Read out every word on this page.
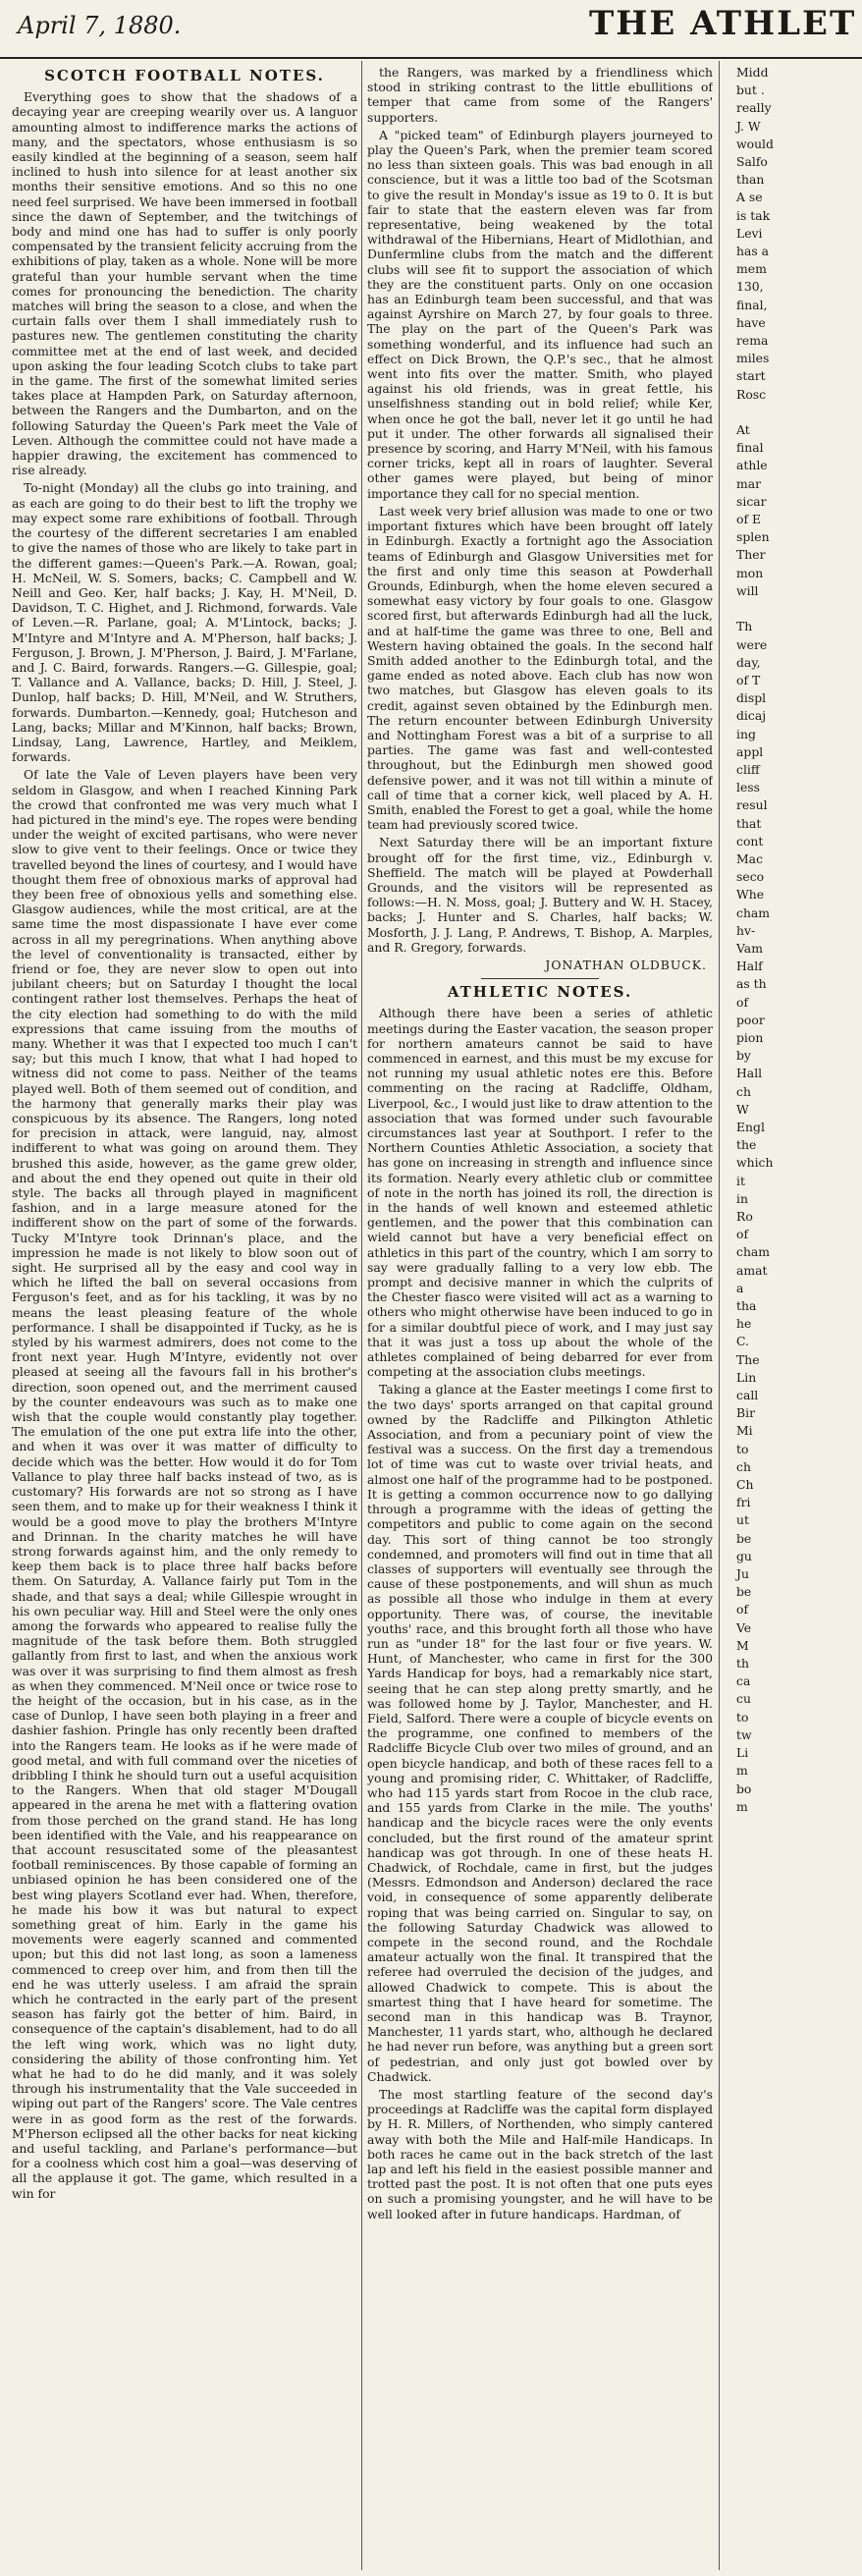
April 7, 1880.	THE ATHLET
SCOTCH FOOTBALL NOTES.

Everything goes to show that the shadows of a decaying year are creeping wearily over us. A languor amounting almost to indifference marks the actions of many, and the spectators, whose enthusiasm is so easily kindled at the beginning of a season, seem half inclined to hush into silence for at least another six months their sensitive emotions. And so this no one need feel surprised. We have been immersed in football since the dawn of September, and the twitchings of body and mind one has had to suffer is only poorly compensated by the transient felicity accruing from the exhibitions of play, taken as a whole. None will be more grateful than your humble servant when the time comes for pronouncing the benediction. The charity matches will bring the season to a close, and when the curtain falls over them I shall immediately rush to pastures new. The gentlemen constituting the charity committee met at the end of last week, and decided upon asking the four leading Scotch clubs to take part in the game. The first of the somewhat limited series takes place at Hampden Park, on Saturday afternoon, between the Rangers and the Dumbarton, and on the following Saturday the Queen's Park meet the Vale of Leven. Although the committee could not have made a happier drawing, the excitement has commenced to rise already.

To-night (Monday) all the clubs go into training, and as each are going to do their best to lift the trophy we may expect some rare exhibitions of football. Through the courtesy of the different secretaries I am enabled to give the names of those who are likely to take part in the different games:—Queen's Park.—A. Rowan, goal; H. McNeil, W. S. Somers, backs; C. Campbell and W. Neill and Geo. Ker, half backs; J. Kay, H. M'Neil, D. Davidson, T. C. Highet, and J. Richmond, forwards. Vale of Leven.—R. Parlane, goal; A. M'Lintock, backs; J. M'Intyre and M'Intyre and A. M'Pherson, half backs; J. Ferguson, J. Brown, J. M'Pherson, J. Baird, J. M'Farlane, and J. C. Baird, forwards. Rangers.—G. Gillespie, goal; T. Vallance and A. Vallance, backs; D. Hill, J. Steel, J. Dunlop, half backs; D. Hill, M'Neil, and W. Struthers, forwards. Dumbarton.—Kennedy, goal; Hutcheson and Lang, backs; Millar and M'Kinnon, half backs; Brown, Lindsay, Lang, Lawrence, Hartley, and Meiklem, forwards.

Of late the Vale of Leven players have been very seldom in Glasgow, and when I reached Kinning Park the crowd that confronted me was very much what I had pictured in the mind's eye. The ropes were bending under the weight of excited partisans, who were never slow to give vent to their feelings. Once or twice they travelled beyond the lines of courtesy, and I would have thought them free of obnoxious marks of approval had they been free of obnoxious yells and something else. Glasgow audiences, while the most critical, are at the same time the most dispassionate I have ever come across in all my peregrinations. When anything above the level of conventionality is transacted, either by friend or foe, they are never slow to open out into jubilant cheers; but on Saturday I thought the local contingent rather lost themselves. Perhaps the heat of the city election had something to do with the mild expressions that came issuing from the mouths of many. Whether it was that I expected too much I can't say; but this much I know, that what I had hoped to witness did not come to pass. Neither of the teams played well. Both of them seemed out of condition, and the harmony that generally marks their play was conspicuous by its absence. The Rangers, long noted for precision in attack, were languid, nay, almost indifferent to what was going on around them. They brushed this aside, however, as the game grew older, and about the end they opened out quite in their old style. The backs all through played in magnificent fashion, and in a large measure atoned for the indifferent show on the part of some of the forwards. Tucky M'Intyre took Drinnan's place, and the impression he made is not likely to blow soon out of sight. He surprised all by the easy and cool way in which he lifted the ball on several occasions from Ferguson's feet, and as for his tackling, it was by no means the least pleasing feature of the whole performance. I shall be disappointed if Tucky, as he is styled by his warmest admirers, does not come to the front next year. Hugh M'Intyre, evidently not over pleased at seeing all the favours fall in his brother's direction, soon opened out, and the merriment caused by the counter endeavours was such as to make one wish that the couple would constantly play together. The emulation of the one put extra life into the other, and when it was over it was matter of difficulty to decide which was the better. How would it do for Tom Vallance to play three half backs instead of two, as is customary? His forwards are not so strong as I have seen them, and to make up for their weakness I think it would be a good move to play the brothers M'Intyre and Drinnan. In the charity matches he will have strong forwards against him, and the only remedy to keep them back is to place three half backs before them. On Saturday, A. Vallance fairly put Tom in the shade, and that says a deal; while Gillespie wrought in his own peculiar way. Hill and Steel were the only ones among the forwards who appeared to realise fully the magnitude of the task before them. Both struggled gallantly from first to last, and when the anxious work was over it was surprising to find them almost as fresh as when they commenced. M'Neil once or twice rose to the height of the occasion, but in his case, as in the case of Dunlop, I have seen both playing in a freer and dashier fashion. Pringle has only recently been drafted into the Rangers team. He looks as if he were made of good metal, and with full command over the niceties of dribbling I think he should turn out a useful acquisition to the Rangers. When that old stager M'Dougall appeared in the arena he met with a flattering ovation from those perched on the grand stand. He has long been identified with the Vale, and his reappearance on that account resuscitated some of the pleasantest football reminiscences. By those capable of forming an unbiased opinion he has been considered one of the best wing players Scotland ever had. When, therefore, he made his bow it was but natural to expect something great of him. Early in the game his movements were eagerly scanned and commented upon; but this did not last long, as soon a lameness commenced to creep over him, and from then till the end he was utterly useless. I am afraid the sprain which he contracted in the early part of the present season has fairly got the better of him. Baird, in consequence of the captain's disablement, had to do all the left wing work, which was no light duty, considering the ability of those confronting him. Yet what he had to do he did manly, and it was solely through his instrumentality that the Vale succeeded in wiping out part of the Rangers' score. The Vale centres were in as good form as the rest of the forwards. M'Pherson eclipsed all the other backs for neat kicking and useful tackling, and Parlane's performance—but for a coolness which cost him a goal—was deserving of all the applause it got. The game, which resulted in a win for

the Rangers, was marked by a friendliness which stood in striking contrast to the little ebullitions of temper that came from some of the Rangers' supporters.

A "picked team" of Edinburgh players journeyed to play the Queen's Park, when the premier team scored no less than sixteen goals. This was bad enough in all conscience, but it was a little too bad of the Scotsman to give the result in Monday's issue as 19 to 0. It is but fair to state that the eastern eleven was far from representative, being weakened by the total withdrawal of the Hibernians, Heart of Midlothian, and Dunfermline clubs from the match and the different clubs will see fit to support the association of which they are the constituent parts. Only on one occasion has an Edinburgh team been successful, and that was against Ayrshire on March 27, by four goals to three. The play on the part of the Queen's Park was something wonderful, and its influence had such an effect on Dick Brown, the Q.P.'s sec., that he almost went into fits over the matter. Smith, who played against his old friends, was in great fettle, his unselfishness standing out in bold relief; while Ker, when once he got the ball, never let it go until he had put it under. The other forwards all signalised their presence by scoring, and Harry M'Neil, with his famous corner tricks, kept all in roars of laughter. Several other games were played, but being of minor importance they call for no special mention.

Last week very brief allusion was made to one or two important fixtures which have been brought off lately in Edinburgh. Exactly a fortnight ago the Association teams of Edinburgh and Glasgow Universities met for the first and only time this season at Powderhall Grounds, Edinburgh, when the home eleven secured a somewhat easy victory by four goals to one. Glasgow scored first, but afterwards Edinburgh had all the luck, and at half-time the game was three to one, Bell and Western having obtained the goals. In the second half Smith added another to the Edinburgh total, and the game ended as noted above. Each club has now won two matches, but Glasgow has eleven goals to its credit, against seven obtained by the Edinburgh men. The return encounter between Edinburgh University and Nottingham Forest was a bit of a surprise to all parties. The game was fast and well-contested throughout, but the Edinburgh men showed good defensive power, and it was not till within a minute of call of time that a corner kick, well placed by A. H. Smith, enabled the Forest to get a goal, while the home team had previously scored twice.

Next Saturday there will be an important fixture brought off for the first time, viz., Edinburgh v. Sheffield. The match will be played at Powderhall Grounds, and the visitors will be represented as follows:—H. N. Moss, goal; J. Buttery and W. H. Stacey, backs; J. Hunter and S. Charles, half backs; W. Mosforth, J. J. Lang, P. Andrews, T. Bishop, A. Marples, and R. Gregory, forwards.

JONATHAN OLDBUCK.
ATHLETIC NOTES.

Although there have been a series of athletic meetings during the Easter vacation, the season proper for northern amateurs cannot be said to have commenced in earnest, and this must be my excuse for not running my usual athletic notes ere this. Before commenting on the racing at Radcliffe, Oldham, Liverpool, &c., I would just like to draw attention to the association that was formed under such favourable circumstances last year at Southport. I refer to the Northern Counties Athletic Association, a society that has gone on increasing in strength and influence since its formation. Nearly every athletic club or committee of note in the north has joined its roll, the direction is in the hands of well known and esteemed athletic gentlemen, and the power that this combination can wield cannot but have a very beneficial effect on athletics in this part of the country, which I am sorry to say were gradually falling to a very low ebb. The prompt and decisive manner in which the culprits of the Chester fiasco were visited will act as a warning to others who might otherwise have been induced to go in for a similar doubtful piece of work, and I may just say that it was just a toss up about the whole of the athletes complained of being debarred for ever from competing at the association clubs meetings.

Taking a glance at the Easter meetings I come first to the two days' sports arranged on that capital ground owned by the Radcliffe and Pilkington Athletic Association, and from a pecuniary point of view the festival was a success. On the first day a tremendous lot of time was cut to waste over trivial heats, and almost one half of the programme had to be postponed. It is getting a common occurrence now to go dallying through a programme with the ideas of getting the competitors and public to come again on the second day. This sort of thing cannot be too strongly condemned, and promoters will find out in time that all classes of supporters will eventually see through the cause of these postponements, and will shun as much as possible all those who indulge in them at every opportunity. There was, of course, the inevitable youths' race, and this brought forth all those who have run as "under 18" for the last four or five years. W. Hunt, of Manchester, who came in first for the 300 Yards Handicap for boys, had a remarkably nice start, seeing that he can step along pretty smartly, and he was followed home by J. Taylor, Manchester, and H. Field, Salford. There were a couple of bicycle events on the programme, one confined to members of the Radcliffe Bicycle Club over two miles of ground, and an open bicycle handicap, and both of these races fell to a young and promising rider, C. Whittaker, of Radcliffe, who had 115 yards start from Rocoe in the club race, and 155 yards from Clarke in the mile. The youths' handicap and the bicycle races were the only events concluded, but the first round of the amateur sprint handicap was got through. In one of these heats H. Chadwick, of Rochdale, came in first, but the judges (Messrs. Edmondson and Anderson) declared the race void, in consequence of some apparently deliberate roping that was being carried on. Singular to say, on the following Saturday Chadwick was allowed to compete in the second round, and the Rochdale amateur actually won the final. It transpired that the referee had overruled the decision of the judges, and allowed Chadwick to compete. This is about the smartest thing that I have heard for sometime. The second man in this handicap was B. Traynor, Manchester, 11 yards start, who, although he declared he had never run before, was anything but a green sort of pedestrian, and only just got bowled over by Chadwick.

The most startling feature of the second day's proceedings at Radcliffe was the capital form displayed by H. R. Millers, of Northenden, who simply cantered away with both the Mile and Half-mile Handicaps. In both races he came out in the back stretch of the last lap and left his field in the easiest possible manner and trotted past the post. It is not often that one puts eyes on such a promising youngster, and he will have to be well looked after in future handicaps. Hardman, of

Midd

but .

really

J. W

would

Salfo

than

A se

is tak

Levi

has a

mem

130,

final,

have

rema

miles

start

Rosc

At

final

athle

mar

sicar

of E

splen

Ther

mon

will

Th

were

day,

of T

displ

dicaj

ing

appl

cliff

less

resul

that

cont

Mac

seco

Whe

cham

hv-

Vam

Half

as th

of

poor

pion

by

Hall

ch

W

Engl

the

which

it

in

Ro

of

cham

amat

a

tha

he

C.

The

Lin

call

Bir

Mi

to

ch

Ch

fri

ut

be

gu

Ju

be

of

Ve

M

th

ca

cu

to

tw

Li

m

bo

m
